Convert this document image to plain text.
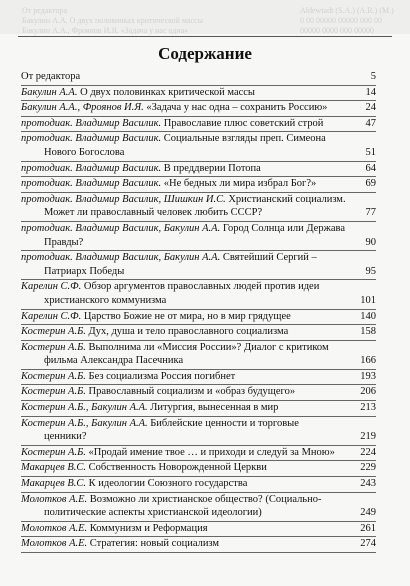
От редактора
Бакулин А.А. О двух половинках критической массы
Бакулин А.А., Фроянов И.Я. «Задача у нас одна»
Aldewtadt (S.A.) (A.R.) (M.)
0 00 00000 00000 000 00
00000 0000 000 00000
Содержание
От редактора	5
Бакулин А.А. О двух половинках критической массы	14
Бакулин А.А., Фроянов И.Я. «Задача у нас одна – сохранить Россию»	24
протодиак. Владимир Василик. Православие плюс советский строй	47
протодиак. Владимир Василик. Социальные взгляды преп. Симеона
Нового Богослова	51
протодиак. Владимир Василик. В преддверии Потопа	64
протодиак. Владимир Василик. «Не бедных ли мира избрал Бог?»	69
протодиак. Владимир Василик, Шишкин И.С. Христианский социализм.
Может ли православный человек любить СССР?	77
протодиак. Владимир Василик, Бакулин А.А. Город Солнца или Держава
Правды?	90
протодиак. Владимир Василик, Бакулин А.А. Святейший Сергий –
Патриарх Победы	95
Карелин С.Ф. Обзор аргументов православных людей против идеи
христианского коммунизма	101
Карелин С.Ф. Царство Божие не от мира, но в мир грядущее	140
Костерин А.Б. Дух, душа и тело православного социализма	158
Костерин А.Б. Выполнима ли «Миссия России»? Диалог с критиком
фильма Александра Пасечника	166
Костерин А.Б. Без социализма Россия погибнет	193
Костерин А.Б. Православный социализм и «образ будущего»	206
Костерин А.Б., Бакулин А.А. Литургия, вынесенная в мир	213
Костерин А.Б., Бакулин А.А. Библейские ценности и торговые
ценники?	219
Костерин А.Б. «Продай имение твое … и приходи и следуй за Мною»	224
Макарцев В.С. Собственность Новорожденной Церкви	229
Макарцев В.С. К идеологии Союзного государства	243
Молотков А.Е. Возможно ли христианское общество? (Социально-
политические аспекты христианской идеологии)	249
Молотков А.Е. Коммунизм и Реформация	261
Молотков А.Е. Стратегия: новый социализм	274
